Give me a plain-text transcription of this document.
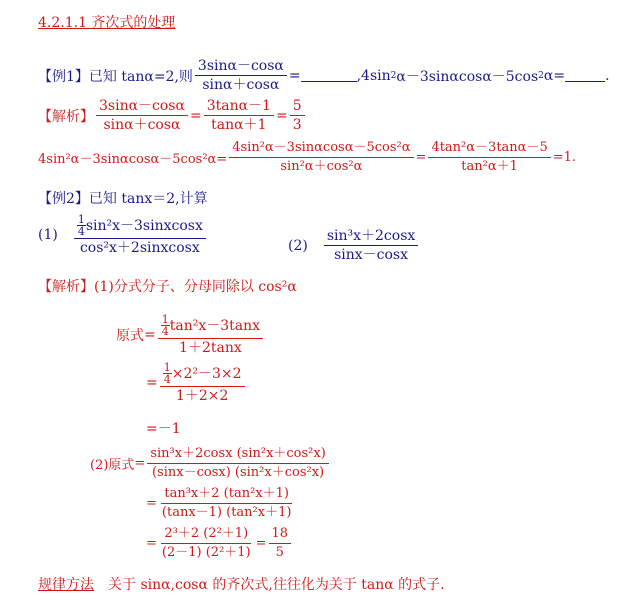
4.2.1.1 齐次式的处理
【例1】 已知 tanα=2,则 $\frac{3\sin\alpha-\cos\alpha}{\sin\alpha+\cos\alpha}$ =	,4sin 2 α－3sinαcosα－5cos 2 α=	.
【解析】 $\frac{3\sin\alpha-\cos\alpha}{\sin\alpha+\cos\alpha} = \frac{3\tan\alpha-1}{\tan\alpha+1} = \frac{5}{3}$
$4\sin^2\alpha-3\sin\alpha\cos\alpha-5\cos^2\alpha= \frac{\text{4sin²α－3sinαcosα－5cos²α}}{\text{sin²α＋cos²α}} = \frac{\text{4tan²α－3tanα－5}}{\text{tan²α＋1}} =1$.
【例2】已知 tanx＝2,计算
(1) 1
4 sin²x－3sinxcosx
cos²x＋2sinxcosx	$(2) \frac{\text{sin³x＋2cosx}}{\sin x-\cos x}$
【解析】(1)分式分子、分母同除以 cos²α
原式 = 1
4 tan²x－3tanx
1＋2tanx
= $\frac{\frac{1}{4} \times 2^2-3\times 2}{1+2\times 2}$
=－1
(2)原式 = $\frac{\text{sin³x＋2cosx (sin²x＋cos²x)}}{\text{(sinx－cosx) (sin²x＋cos²x)}}$
= $\frac{\text{tan³x＋2 (tan²x＋1)}}{\text{(tanx－1) (tan²x＋1)}}$
= $\frac{\text{2³＋2 (2²＋1)}}{\text{(2－1) (2²＋1)}} = \frac{18}{5}$
规律方法 关于 sinα,cosα 的齐次式,往往化为关于 tanα 的式子.
